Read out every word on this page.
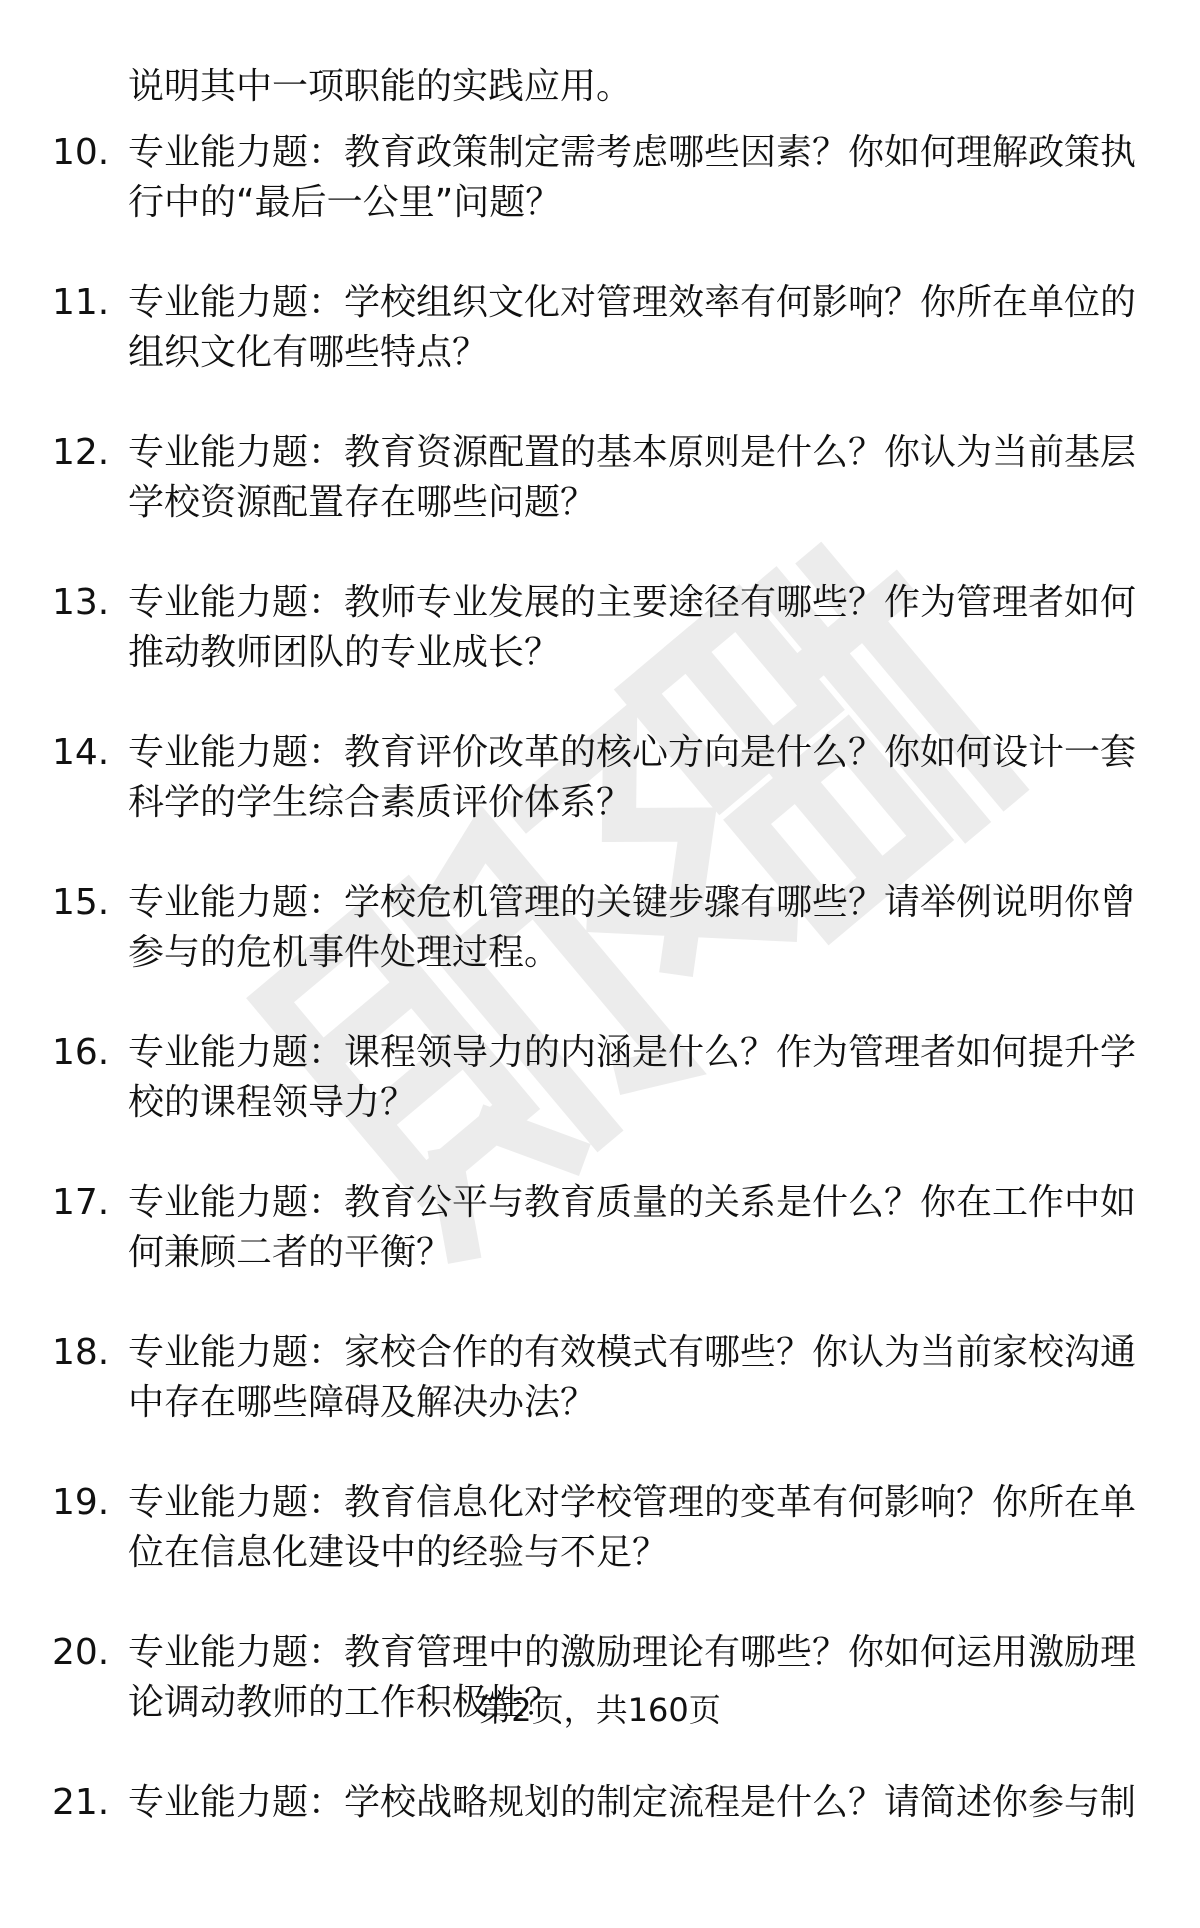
说明其中一项职能的实践应用。
10. 专业能力题：教育政策制定需考虑哪些因素？你如何理解政策执
行中的“最后一公里”问题？
11. 专业能力题：学校组织文化对管理效率有何影响？你所在单位的
组织文化有哪些特点？
12. 专业能力题：教育资源配置的基本原则是什么？你认为当前基层
学校资源配置存在哪些问题？
13. 专业能力题：教师专业发展的主要途径有哪些？作为管理者如何
推动教师团队的专业成长？
14. 专业能力题：教育评价改革的核心方向是什么？你如何设计一套
科学的学生综合素质评价体系？
15. 专业能力题：学校危机管理的关键步骤有哪些？请举例说明你曾
参与的危机事件处理过程。
16. 专业能力题：课程领导力的内涵是什么？作为管理者如何提升学
校的课程领导力？
17. 专业能力题：教育公平与教育质量的关系是什么？你在工作中如
何兼顾二者的平衡？
18. 专业能力题：家校合作的有效模式有哪些？你认为当前家校沟通
中存在哪些障碍及解决办法？
19. 专业能力题：教育信息化对学校管理的变革有何影响？你所在单
位在信息化建设中的经验与不足？
20. 专业能力题：教育管理中的激励理论有哪些？你如何运用激励理
论调动教师的工作积极性？
21. 专业能力题：学校战略规划的制定流程是什么？请简述你参与制
第2页，共160页
